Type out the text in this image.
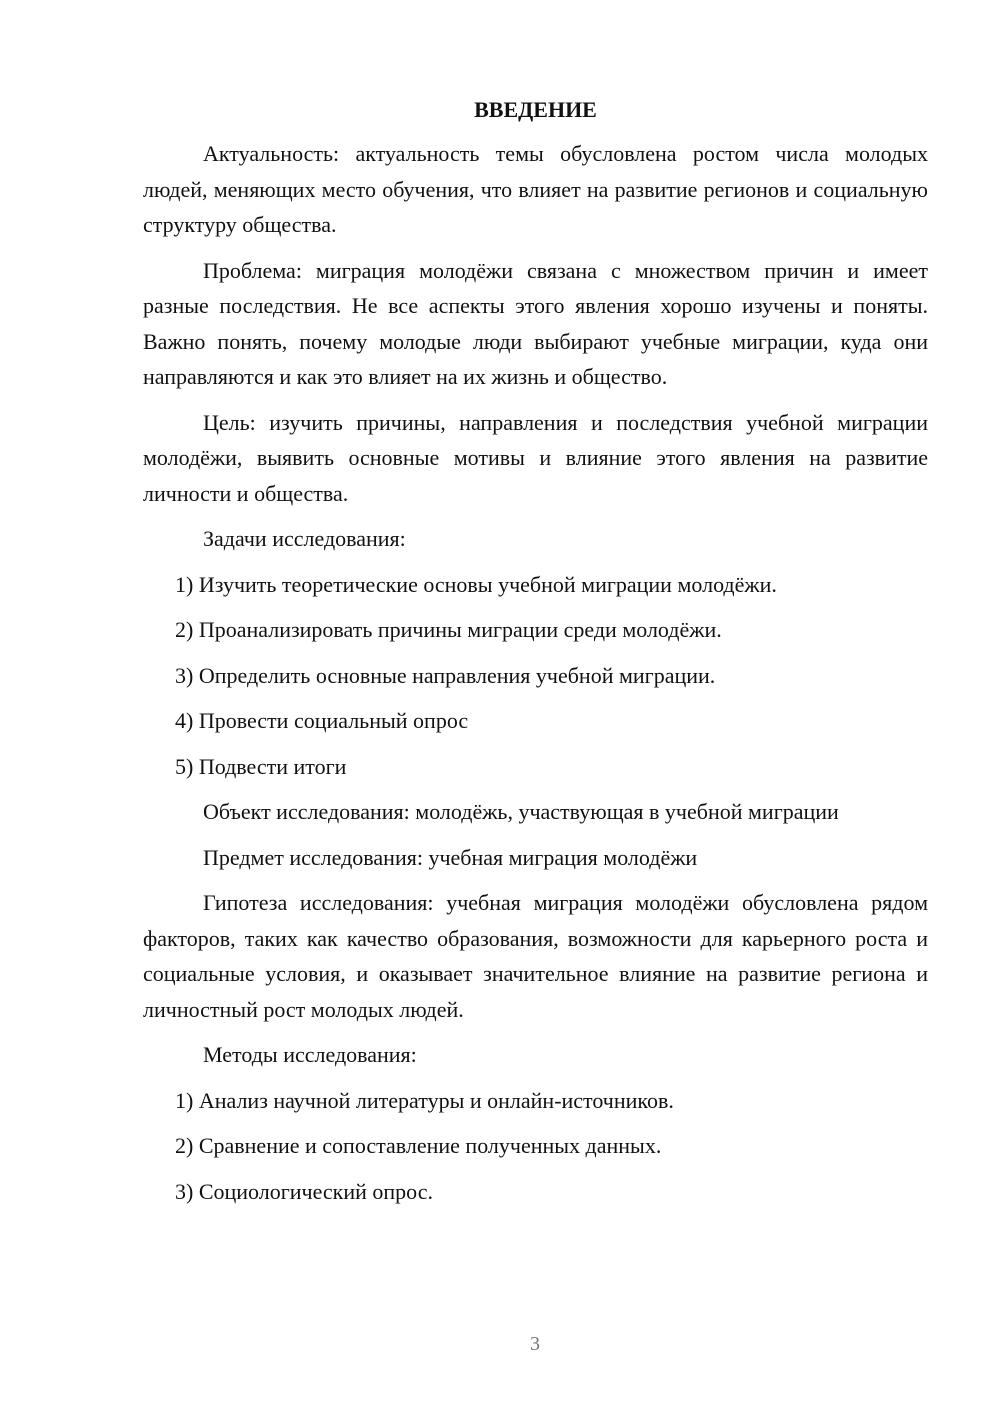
ВВЕДЕНИЕ

Актуальность: актуальность темы обусловлена ростом числа молодых людей, меняющих место обучения, что влияет на развитие регионов и социальную структуру общества.

Проблема: миграция молодёжи связана с множеством причин и имеет разные последствия. Не все аспекты этого явления хорошо изучены и поняты. Важно понять, почему молодые люди выбирают учебные миграции, куда они направляются и как это влияет на их жизнь и общество.

Цель: изучить причины, направления и последствия учебной миграции молодёжи, выявить основные мотивы и влияние этого явления на развитие личности и общества.

Задачи исследования:

1) Изучить теоретические основы учебной миграции молодёжи.

2) Проанализировать причины миграции среди молодёжи.

3) Определить основные направления учебной миграции.

4) Провести социальный опрос

5) Подвести итоги

Объект исследования: молодёжь, участвующая в учебной миграции

Предмет исследования: учебная миграция молодёжи

Гипотеза исследования: учебная миграция молодёжи обусловлена рядом факторов, таких как качество образования, возможности для карьерного роста и социальные условия, и оказывает значительное влияние на развитие региона и личностный рост молодых людей.

Методы исследования:

1) Анализ научной литературы и онлайн-источников.

2) Сравнение и сопоставление полученных данных.

3) Социологический опрос.

3
